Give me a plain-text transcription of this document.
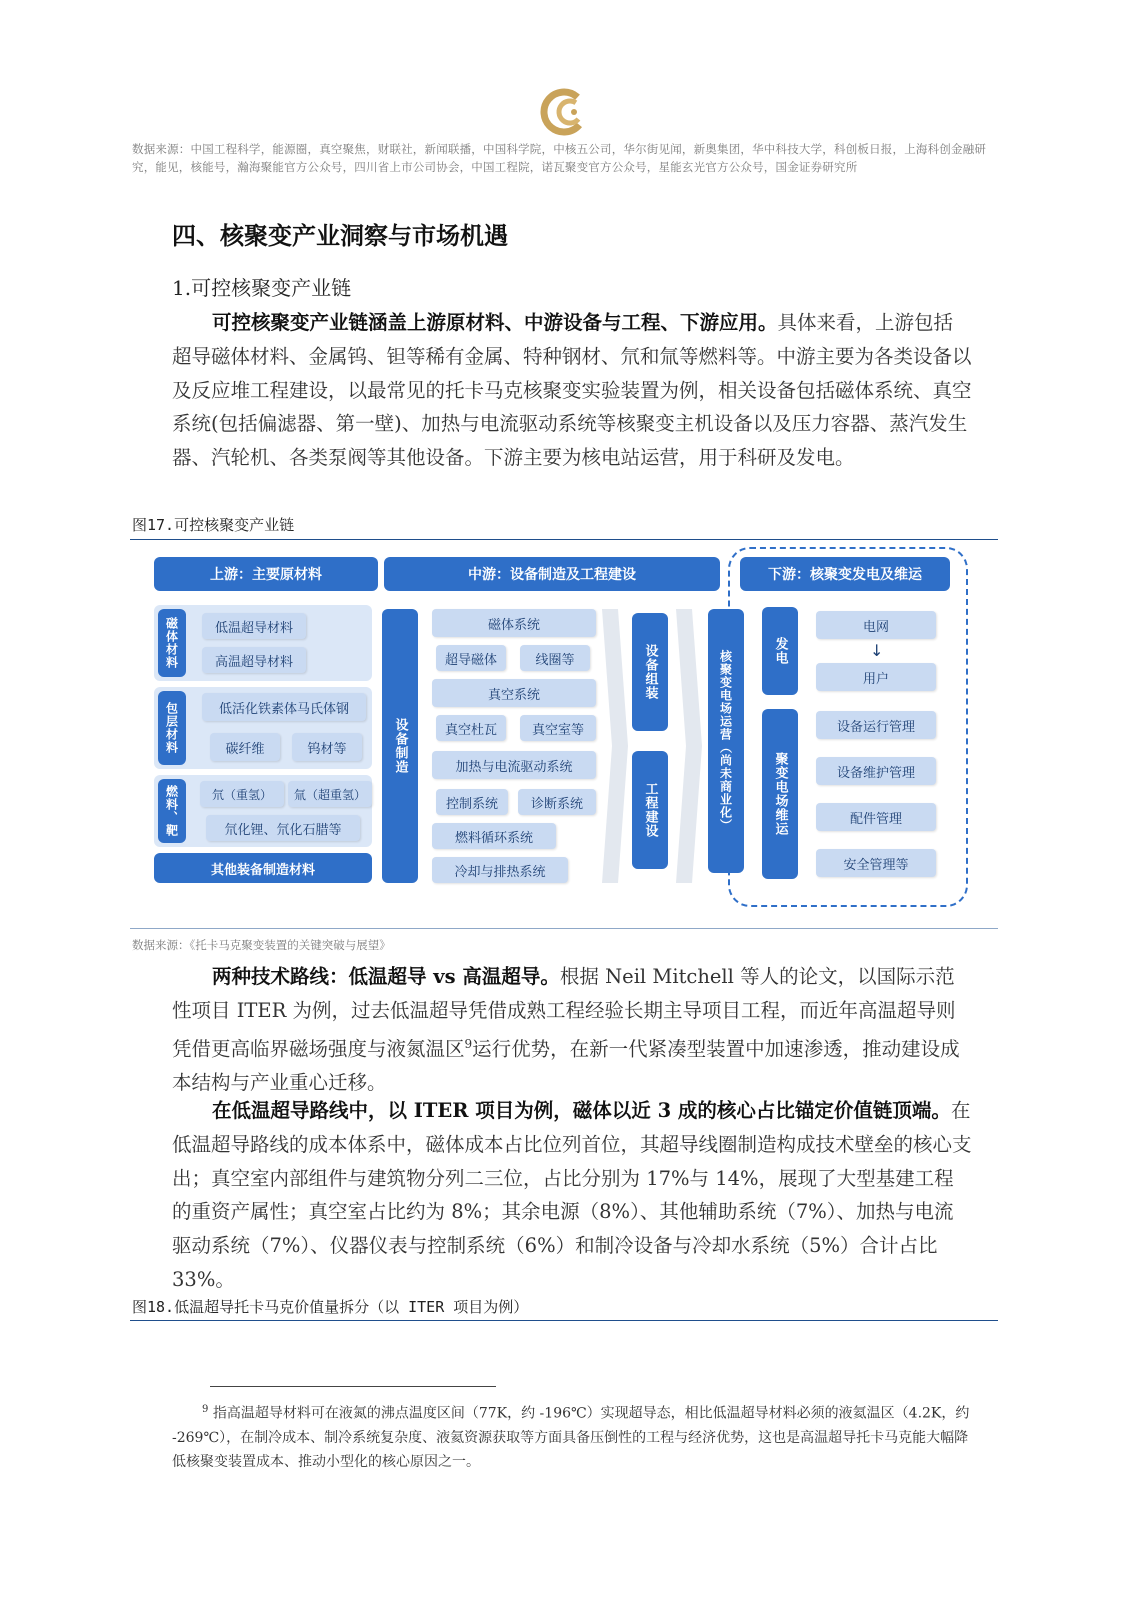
数据来源：中国工程科学，能源圈，真空聚焦，财联社，新闻联播，中国科学院，中核五公司，华尔街见闻，新奥集团，华中科技大学，科创板日报，上海科创金融研究，能见，核能号，瀚海聚能官方公众号，四川省上市公司协会，中国工程院，诺瓦聚变官方公众号，星能玄光官方公众号，国金证券研究所
四、核聚变产业洞察与市场机遇
1.可控核聚变产业链
可控核聚变产业链涵盖上游原材料、中游设备与工程、下游应用。具体来看，上游包括超导磁体材料、金属钨、钽等稀有金属、特种钢材、氘和氚等燃料等。中游主要为各类设备以及反应堆工程建设，以最常见的托卡马克核聚变实验装置为例，相关设备包括磁体系统、真空系统(包括偏滤器、第一壁)、加热与电流驱动系统等核聚变主机设备以及压力容器、蒸汽发生器、汽轮机、各类泵阀等其他设备。下游主要为核电站运营，用于科研及发电。
图17.可控核聚变产业链
上游：主要原材料	中游：设备制造及工程建设	下游：核聚变发电及维运
磁体材料	低温超导材料
高温超导材料
包层材料	低活化铁素体马氏体钢
碳纤维	钨材等
燃料、靶	氘（重氢）	氚（超重氢）
氘化锂、氘化石腊等
其他装备制造材料
设备制造
磁体系统
超导磁体	线圈等
真空系统
真空杜瓦	真空室等
加热与电流驱动系统
控制系统	诊断系统
燃料循环系统
冷却与排热系统
设备组装
工程建设	核聚变电场运营（尚未商业化）	发电
电网
↓
用户
聚变电场维运
设备运行管理
设备维护管理
配件管理
安全管理等
数据来源：《托卡马克聚变装置的关键突破与展望》
两种技术路线：低温超导 vs 高温超导。根据 Neil Mitchell 等人的论文，以国际示范性项目 ITER 为例，过去低温超导凭借成熟工程经验长期主导项目工程，而近年高温超导则凭借更高临界磁场强度与液氮温区$^9$运行优势，在新一代紧凑型装置中加速渗透，推动建设成本结构与产业重心迁移。
在低温超导路线中，以 ITER 项目为例，磁体以近 3 成的核心占比锚定价值链顶端。在低温超导路线的成本体系中，磁体成本占比位列首位，其超导线圈制造构成技术壁垒的核心支出；真空室内部组件与建筑物分列二三位，占比分别为 17%与 14%，展现了大型基建工程的重资产属性；真空室占比约为 8%；其余电源（8%）、其他辅助系统（7%）、加热与电流驱动系统（7%）、仪器仪表与控制系统（6%）和制冷设备与冷却水系统（5%）合计占比 33%。
图18.低温超导托卡马克价值量拆分（以 ITER 项目为例）
$^9$ 指高温超导材料可在液氮的沸点温度区间（77K，约 -196℃）实现超导态，相比低温超导材料必须的液氦温区（4.2K，约 -269℃），在制冷成本、制冷系统复杂度、液氦资源获取等方面具备压倒性的工程与经济优势，这也是高温超导托卡马克能大幅降低核聚变装置成本、推动小型化的核心原因之一。
